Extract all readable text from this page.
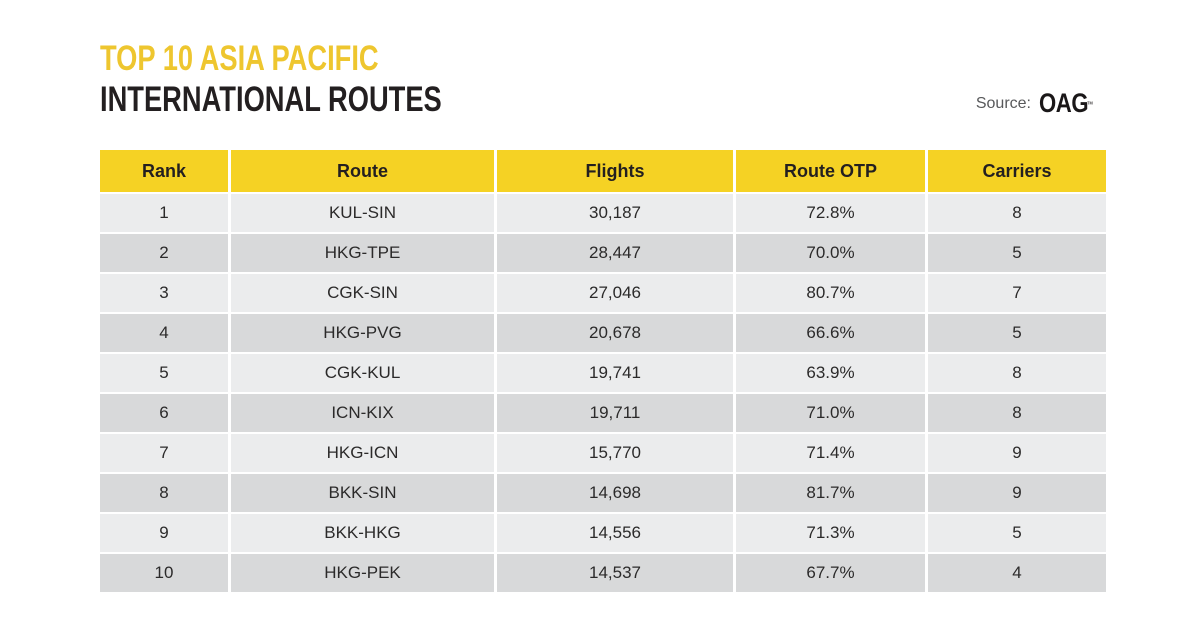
TOP 10 ASIA PACIFIC
INTERNATIONAL ROUTES	Source: OAG
™
Rank	Route	Flights	Route OTP	Carriers
1	KUL-SIN	30,187	72.8%	8
2	HKG-TPE	28,447	70.0%	5
3	CGK-SIN	27,046	80.7%	7
4	HKG-PVG	20,678	66.6%	5
5	CGK-KUL	19,741	63.9%	8
6	ICN-KIX	19,711	71.0%	8
7	HKG-ICN	15,770	71.4%	9
8	BKK-SIN	14,698	81.7%	9
9	BKK-HKG	14,556	71.3%	5
10	HKG-PEK	14,537	67.7%	4
